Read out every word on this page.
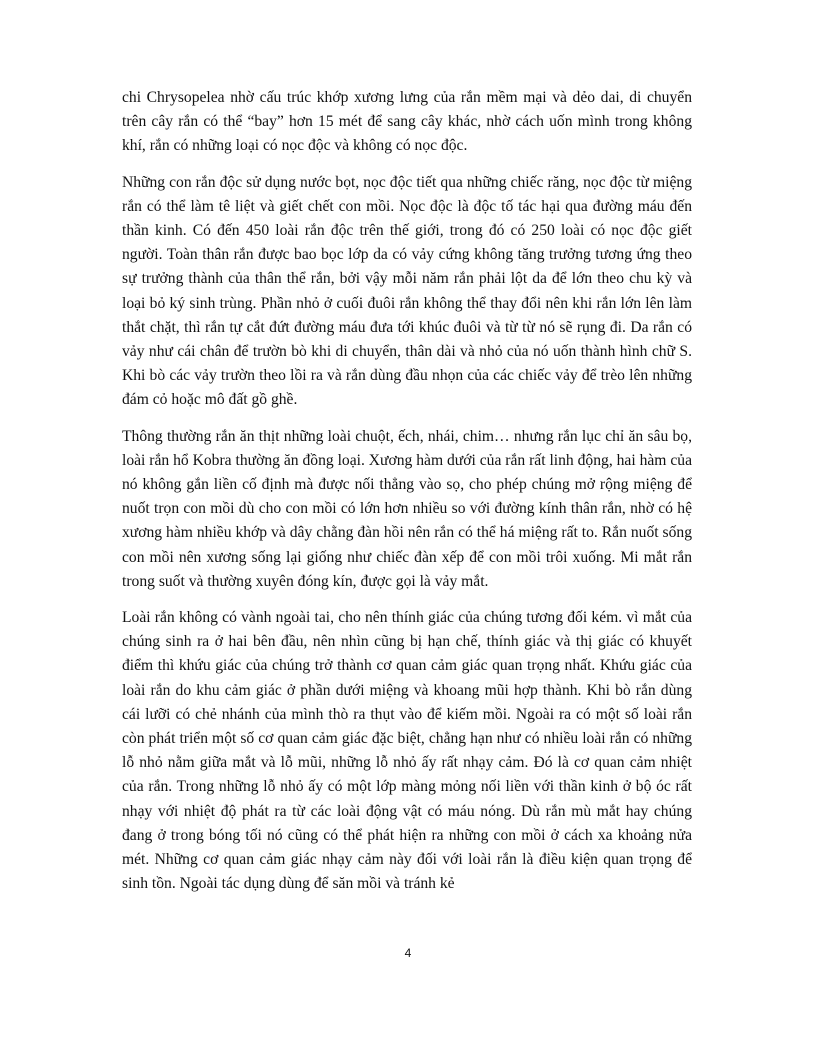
chi Chrysopelea nhờ cấu trúc khớp xương lưng của rắn mềm mại và dẻo dai, di chuyển trên cây rắn có thể “bay” hơn 15 mét để sang cây khác, nhờ cách uốn mình trong không khí, rắn có những loại có nọc độc và không có nọc độc.

Những con rắn độc sử dụng nước bọt, nọc độc tiết qua những chiếc răng, nọc độc từ miệng rắn có thể làm tê liệt và giết chết con mồi. Nọc độc là độc tố tác hại qua đường máu đến thần kinh. Có đến 450 loài rắn độc trên thế giới, trong đó có 250 loài có nọc độc giết người. Toàn thân rắn được bao bọc lớp da có vảy cứng không tăng trưởng tương ứng theo sự trưởng thành của thân thể rắn, bởi vậy mỗi năm rắn phải lột da để lớn theo chu kỳ và loại bỏ ký sinh trùng. Phần nhỏ ở cuối đuôi rắn không thể thay đổi nên khi rắn lớn lên làm thắt chặt, thì rắn tự cắt đứt đường máu đưa tới khúc đuôi và từ từ nó sẽ rụng đi. Da rắn có vảy như cái chân để trườn bò khi di chuyển, thân dài và nhỏ của nó uốn thành hình chữ S. Khi bò các vảy trườn theo lồi ra và rắn dùng đầu nhọn của các chiếc vảy để trèo lên những đám cỏ hoặc mô đất gồ ghề.

Thông thường rắn ăn thịt những loài chuột, ếch, nhái, chim… nhưng rắn lục chỉ ăn sâu bọ, loài rắn hổ Kobra thường ăn đồng loại. Xương hàm dưới của rắn rất linh động, hai hàm của nó không gắn liền cố định mà được nối thẳng vào sọ, cho phép chúng mở rộng miệng để nuốt trọn con mồi dù cho con mồi có lớn hơn nhiều so với đường kính thân rắn, nhờ có hệ xương hàm nhiều khớp và dây chằng đàn hồi nên rắn có thể há miệng rất to. Rắn nuốt sống con mồi nên xương sống lại giống như chiếc đàn xếp để con mồi trôi xuống. Mi mắt rắn trong suốt và thường xuyên đóng kín, được gọi là vảy mắt.

Loài rắn không có vành ngoài tai, cho nên thính giác của chúng tương đối kém. vì mắt của chúng sinh ra ở hai bên đầu, nên nhìn cũng bị hạn chế, thính giác và thị giác có khuyết điểm thì khứu giác của chúng trở thành cơ quan cảm giác quan trọng nhất. Khứu giác của loài rắn do khu cảm giác ở phần dưới miệng và khoang mũi hợp thành. Khi bò rắn dùng cái lưỡi có chẻ nhánh của mình thò ra thụt vào để kiếm mồi. Ngoài ra có một số loài rắn còn phát triển một số cơ quan cảm giác đặc biệt, chẳng hạn như có nhiều loài rắn có những lỗ nhỏ nằm giữa mắt và lỗ mũi, những lỗ nhỏ ấy rất nhạy cảm. Đó là cơ quan cảm nhiệt của rắn. Trong những lỗ nhỏ ấy có một lớp màng mỏng nối liền với thần kinh ở bộ óc rất nhạy với nhiệt độ phát ra từ các loài động vật có máu nóng. Dù rắn mù mắt hay chúng đang ở trong bóng tối nó cũng có thể phát hiện ra những con mồi ở cách xa khoảng nửa mét. Những cơ quan cảm giác nhạy cảm này đối với loài rắn là điều kiện quan trọng để sinh tồn. Ngoài tác dụng dùng để săn mồi và tránh kẻ

4
